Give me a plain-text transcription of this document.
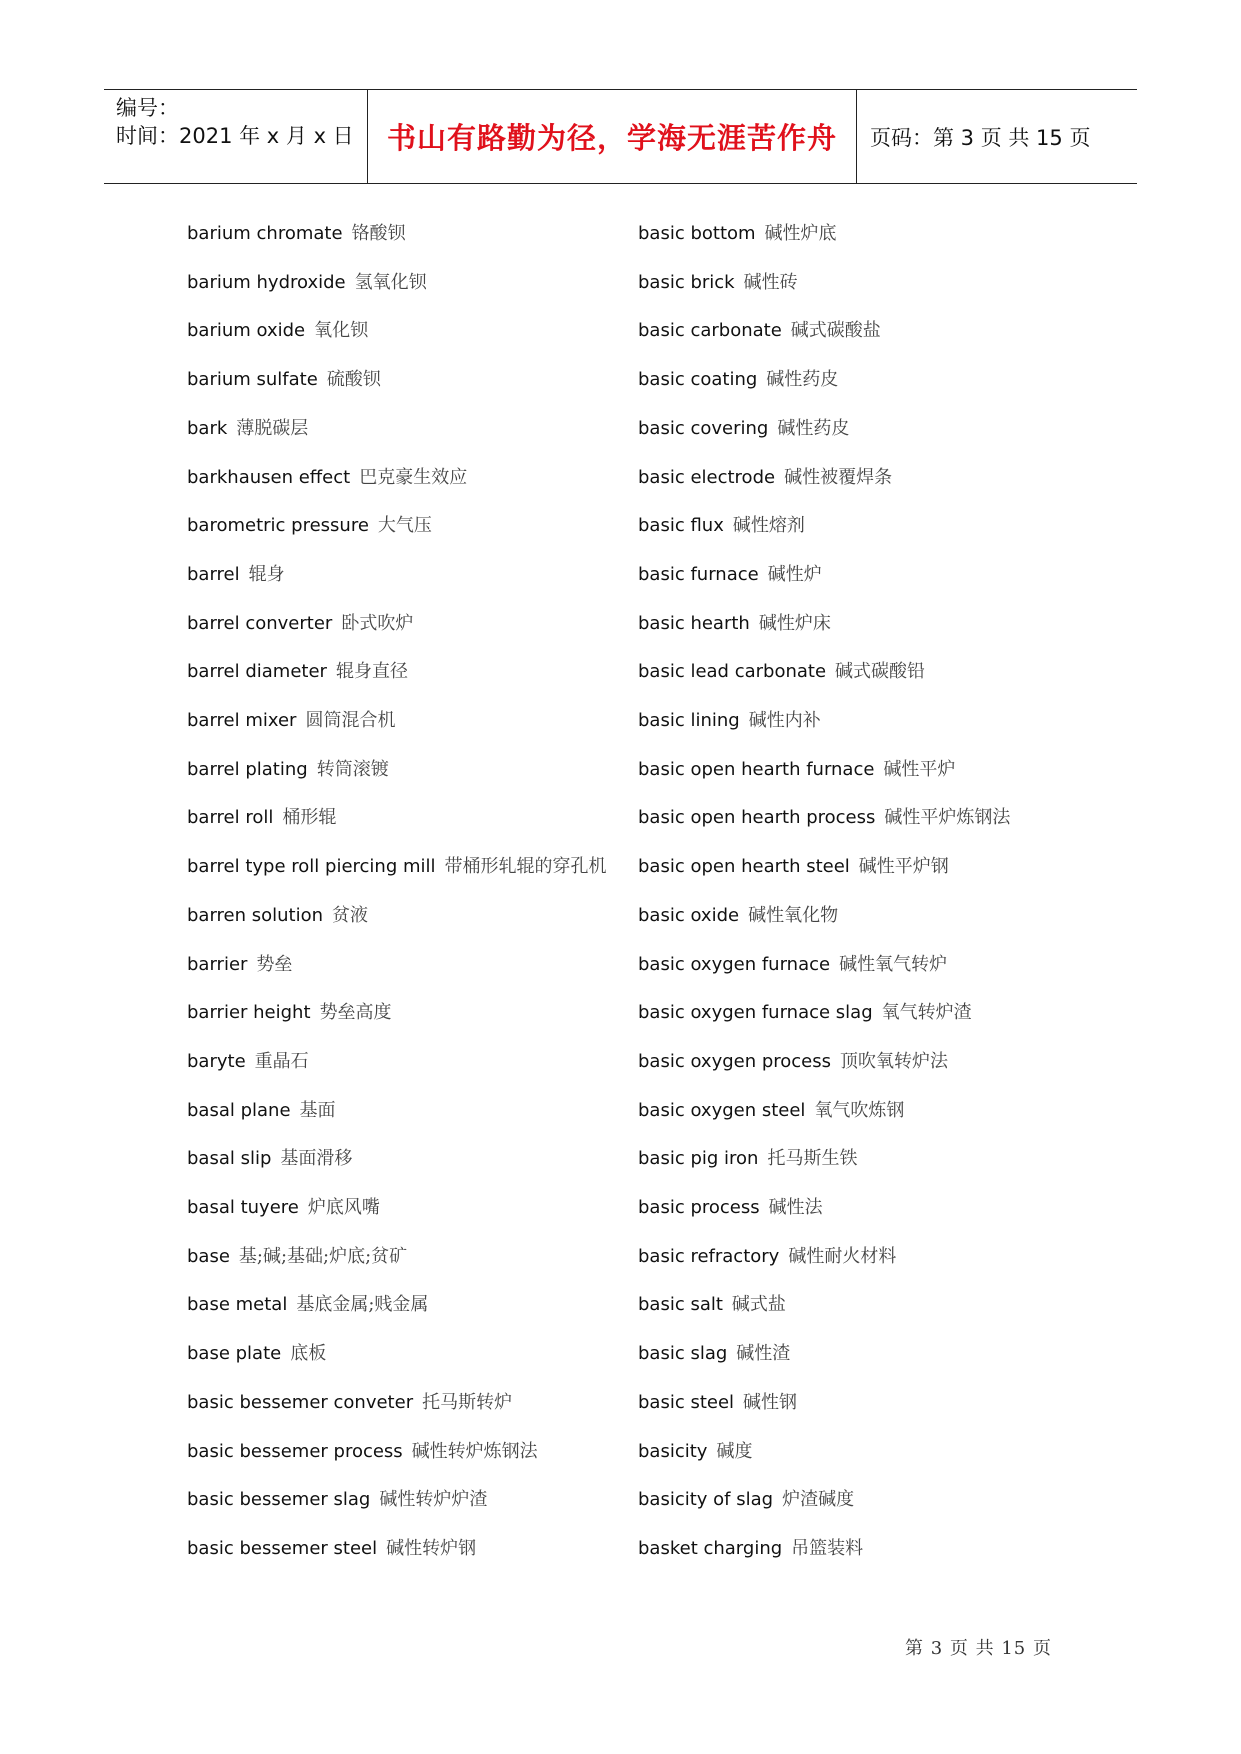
编号：
时间：2021 年 x 月 x 日 书山有路勤为径，学海无涯苦作舟 页码：第 3 页 共 15 页
barium chromate 铬酸钡
barium hydroxide 氢氧化钡
barium oxide 氧化钡
barium sulfate 硫酸钡
bark 薄脱碳层
barkhausen effect 巴克豪生效应
barometric pressure 大气压
barrel 辊身
barrel converter 卧式吹炉
barrel diameter 辊身直径
barrel mixer 圆筒混合机
barrel plating 转筒滚镀
barrel roll 桶形辊
barrel type roll piercing mill 带桶形轧辊的穿孔机
barren solution 贫液
barrier 势垒
barrier height 势垒高度
baryte 重晶石
basal plane 基面
basal slip 基面滑移
basal tuyere 炉底风嘴
base 基;碱;基础;炉底;贫矿
base metal 基底金属;贱金属
base plate 底板
basic bessemer conveter 托马斯转炉
basic bessemer process 碱性转炉炼钢法
basic bessemer slag 碱性转炉炉渣
basic bessemer steel 碱性转炉钢
basic bottom 碱性炉底
basic brick 碱性砖
basic carbonate 碱式碳酸盐
basic coating 碱性药皮
basic covering 碱性药皮
basic electrode 碱性被覆焊条
basic flux 碱性熔剂
basic furnace 碱性炉
basic hearth 碱性炉床
basic lead carbonate 碱式碳酸铅
basic lining 碱性内补
basic open hearth furnace 碱性平炉
basic open hearth process 碱性平炉炼钢法
basic open hearth steel 碱性平炉钢
basic oxide 碱性氧化物
basic oxygen furnace 碱性氧气转炉
basic oxygen furnace slag 氧气转炉渣
basic oxygen process 顶吹氧转炉法
basic oxygen steel 氧气吹炼钢
basic pig iron 托马斯生铁
basic process 碱性法
basic refractory 碱性耐火材料
basic salt 碱式盐
basic slag 碱性渣
basic steel 碱性钢
basicity 碱度
basicity of slag 炉渣碱度
basket charging 吊篮装料
第 3 页 共 15 页
